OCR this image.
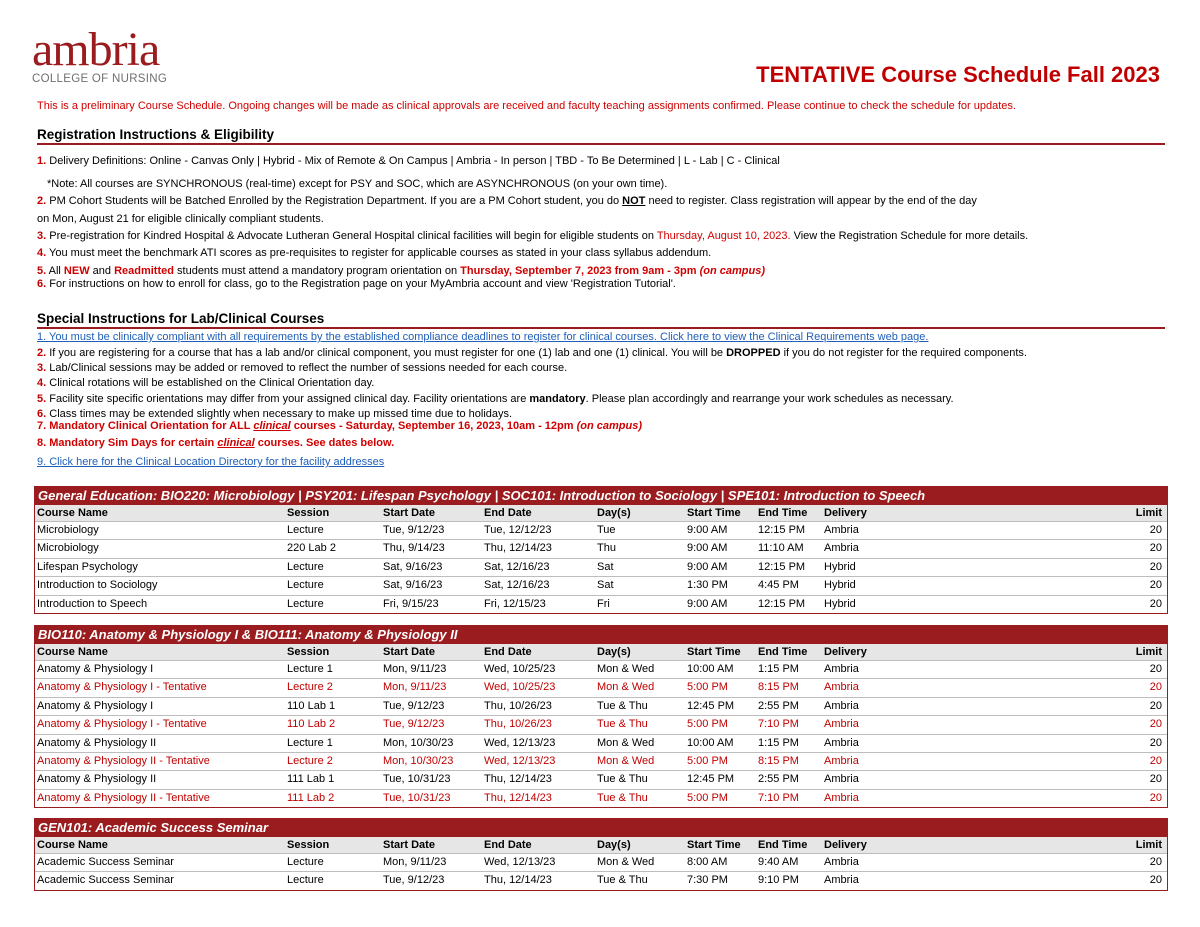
ambria
COLLEGE OF NURSING	TENTATIVE Course Schedule Fall 2023
This is a preliminary Course Schedule. Ongoing changes will be made as clinical approvals are received and faculty teaching assignments confirmed. Please continue to check the schedule for updates.
Registration Instructions & Eligibility
1. Delivery Definitions: Online - Canvas Only | Hybrid - Mix of Remote & On Campus | Ambria - In person | TBD - To Be Determined | L - Lab | C - Clinical
*Note: All courses are SYNCHRONOUS (real-time) except for PSY and SOC, which are ASYNCHRONOUS (on your own time).
2. PM Cohort Students will be Batched Enrolled by the Registration Department. If you are a PM Cohort student, you do NOT need to register. Class registration will appear by the end of the day
on Mon, August 21 for eligible clinically compliant students.
3. Pre-registration for Kindred Hospital & Advocate Lutheran General Hospital clinical facilities will begin for eligible students on Thursday, August 10, 2023. View the Registration Schedule for more details.
4. You must meet the benchmark ATI scores as pre-requisites to register for applicable courses as stated in your class syllabus addendum.
5. All NEW and Readmitted students must attend a mandatory program orientation on Thursday, September 7, 2023 from 9am - 3pm (on campus)
6. For instructions on how to enroll for class, go to the Registration page on your MyAmbria account and view 'Registration Tutorial'.
Special Instructions for Lab/Clinical Courses
1. You must be clinically compliant with all requirements by the established compliance deadlines to register for clinical courses. Click here to view the Clinical Requirements web page.
2. If you are registering for a course that has a lab and/or clinical component, you must register for one (1) lab and one (1) clinical. You will be DROPPED if you do not register for the required components.
3. Lab/Clinical sessions may be added or removed to reflect the number of sessions needed for each course.
4. Clinical rotations will be established on the Clinical Orientation day.
5. Facility site specific orientations may differ from your assigned clinical day. Facility orientations are mandatory. Please plan accordingly and rearrange your work schedules as necessary.
6. Class times may be extended slightly when necessary to make up missed time due to holidays.
7. Mandatory Clinical Orientation for ALL clinical courses - Saturday, September 16, 2023, 10am - 12pm (on campus)
8. Mandatory Sim Days for certain clinical courses. See dates below.
9. Click here for the Clinical Location Directory for the facility addresses
General Education: BIO220: Microbiology | PSY201: Lifespan Psychology | SOC101: Introduction to Sociology | SPE101: Introduction to Speech
Course Name	Session	Start Date	End Date	Day(s)	Start Time End Time Delivery	Limit
Microbiology	Lecture	Tue, 9/12/23	Tue, 12/12/23	Tue	9:00 AM	12:15 PM Ambria	20
Microbiology	220 Lab 2	Thu, 9/14/23	Thu, 12/14/23	Thu	9:00 AM	11:10 AM Ambria	20
Lifespan Psychology	Lecture	Sat, 9/16/23	Sat, 12/16/23	Sat	9:00 AM	12:15 PM Hybrid	20
Introduction to Sociology	Lecture	Sat, 9/16/23	Sat, 12/16/23	Sat	1:30 PM	4:45 PM Hybrid	20
Introduction to Speech	Lecture	Fri, 9/15/23	Fri, 12/15/23	Fri	9:00 AM	12:15 PM Hybrid	20
BIO110: Anatomy & Physiology I & BIO111: Anatomy & Physiology II
Course Name	Session	Start Date	End Date	Day(s)	Start Time End Time Delivery	Limit
Anatomy & Physiology I	Lecture 1	Mon, 9/11/23	Wed, 10/25/23	Mon & Wed	10:00 AM 1:15 PM Ambria	20
Anatomy & Physiology I - Tentative	Lecture 2	Mon, 9/11/23	Wed, 10/25/23	Mon & Wed	5:00 PM	8:15 PM Ambria	20
Anatomy & Physiology I	110 Lab 1	Tue, 9/12/23	Thu, 10/26/23	Tue & Thu	12:45 PM 2:55 PM Ambria	20
Anatomy & Physiology I - Tentative	110 Lab 2	Tue, 9/12/23	Thu, 10/26/23	Tue & Thu	5:00 PM	7:10 PM Ambria	20
Anatomy & Physiology II	Lecture 1	Mon, 10/30/23	Wed, 12/13/23	Mon & Wed	10:00 AM 1:15 PM Ambria	20
Anatomy & Physiology II - Tentative	Lecture 2	Mon, 10/30/23	Wed, 12/13/23	Mon & Wed	5:00 PM	8:15 PM Ambria	20
Anatomy & Physiology II	111 Lab 1	Tue, 10/31/23	Thu, 12/14/23	Tue & Thu	12:45 PM 2:55 PM Ambria	20
Anatomy & Physiology II - Tentative	111 Lab 2	Tue, 10/31/23	Thu, 12/14/23	Tue & Thu	5:00 PM	7:10 PM Ambria	20
GEN101: Academic Success Seminar
Course Name	Session	Start Date	End Date	Day(s)	Start Time End Time Delivery	Limit
Academic Success Seminar	Lecture	Mon, 9/11/23	Wed, 12/13/23	Mon & Wed	8:00 AM	9:40 AM Ambria	20
Academic Success Seminar	Lecture	Tue, 9/12/23	Thu, 12/14/23	Tue & Thu	7:30 PM	9:10 PM Ambria	20
